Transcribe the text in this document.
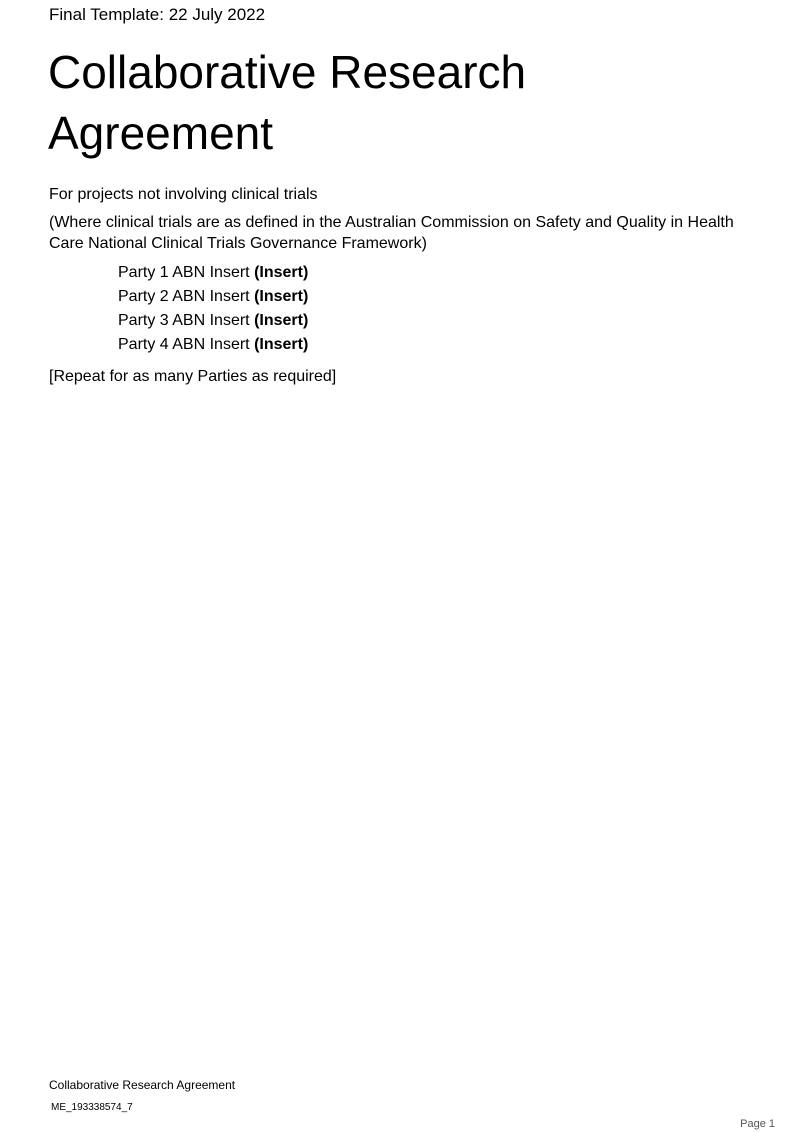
Final Template: 22 July 2022
Collaborative Research
Agreement
For projects not involving clinical trials
(Where clinical trials are as defined in the Australian Commission on Safety and Quality in Health Care National Clinical Trials Governance Framework)
Party 1 ABN Insert (Insert)
Party 2 ABN Insert (Insert)
Party 3 ABN Insert (Insert)
Party 4 ABN Insert (Insert)
[Repeat for as many Parties as required]
Collaborative Research Agreement
ME_193338574_7
Page 1
